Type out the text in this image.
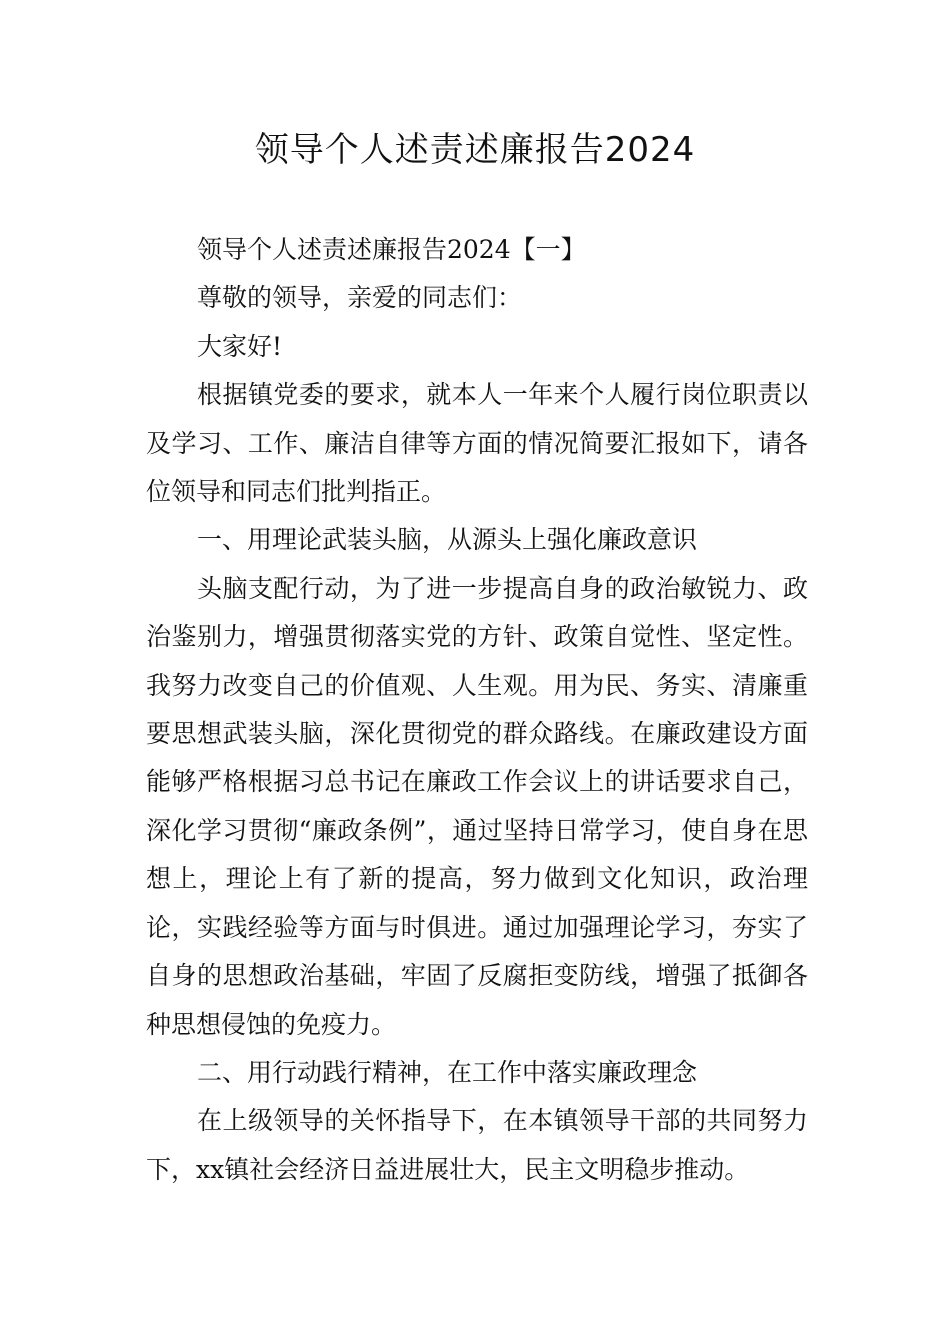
领导个人述责述廉报告2024

领导个人述责述廉报告2024【一】

尊敬的领导，亲爱的同志们：

大家好!

根据镇党委的要求，就本人一年来个人履行岗位职责以及学习、工作、廉洁自律等方面的情况简要汇报如下，请各位领导和同志们批判指正。

一、用理论武装头脑，从源头上强化廉政意识

头脑支配行动，为了进一步提高自身的政治敏锐力、政治鉴别力，增强贯彻落实党的方针、政策自觉性、坚定性。我努力改变自己的价值观、人生观。用为民、务实、清廉重要思想武装头脑，深化贯彻党的群众路线。在廉政建设方面能够严格根据习总书记在廉政工作会议上的讲话要求自己，深化学习贯彻“廉政条例”，通过坚持日常学习，使自身在思想上，理论上有了新的提高，努力做到文化知识，政治理论，实践经验等方面与时俱进。通过加强理论学习，夯实了自身的思想政治基础，牢固了反腐拒变防线，增强了抵御各种思想侵蚀的免疫力。

二、用行动践行精神，在工作中落实廉政理念

在上级领导的关怀指导下，在本镇领导干部的共同努力下，xx镇社会经济日益进展壮大，民主文明稳步推动。
